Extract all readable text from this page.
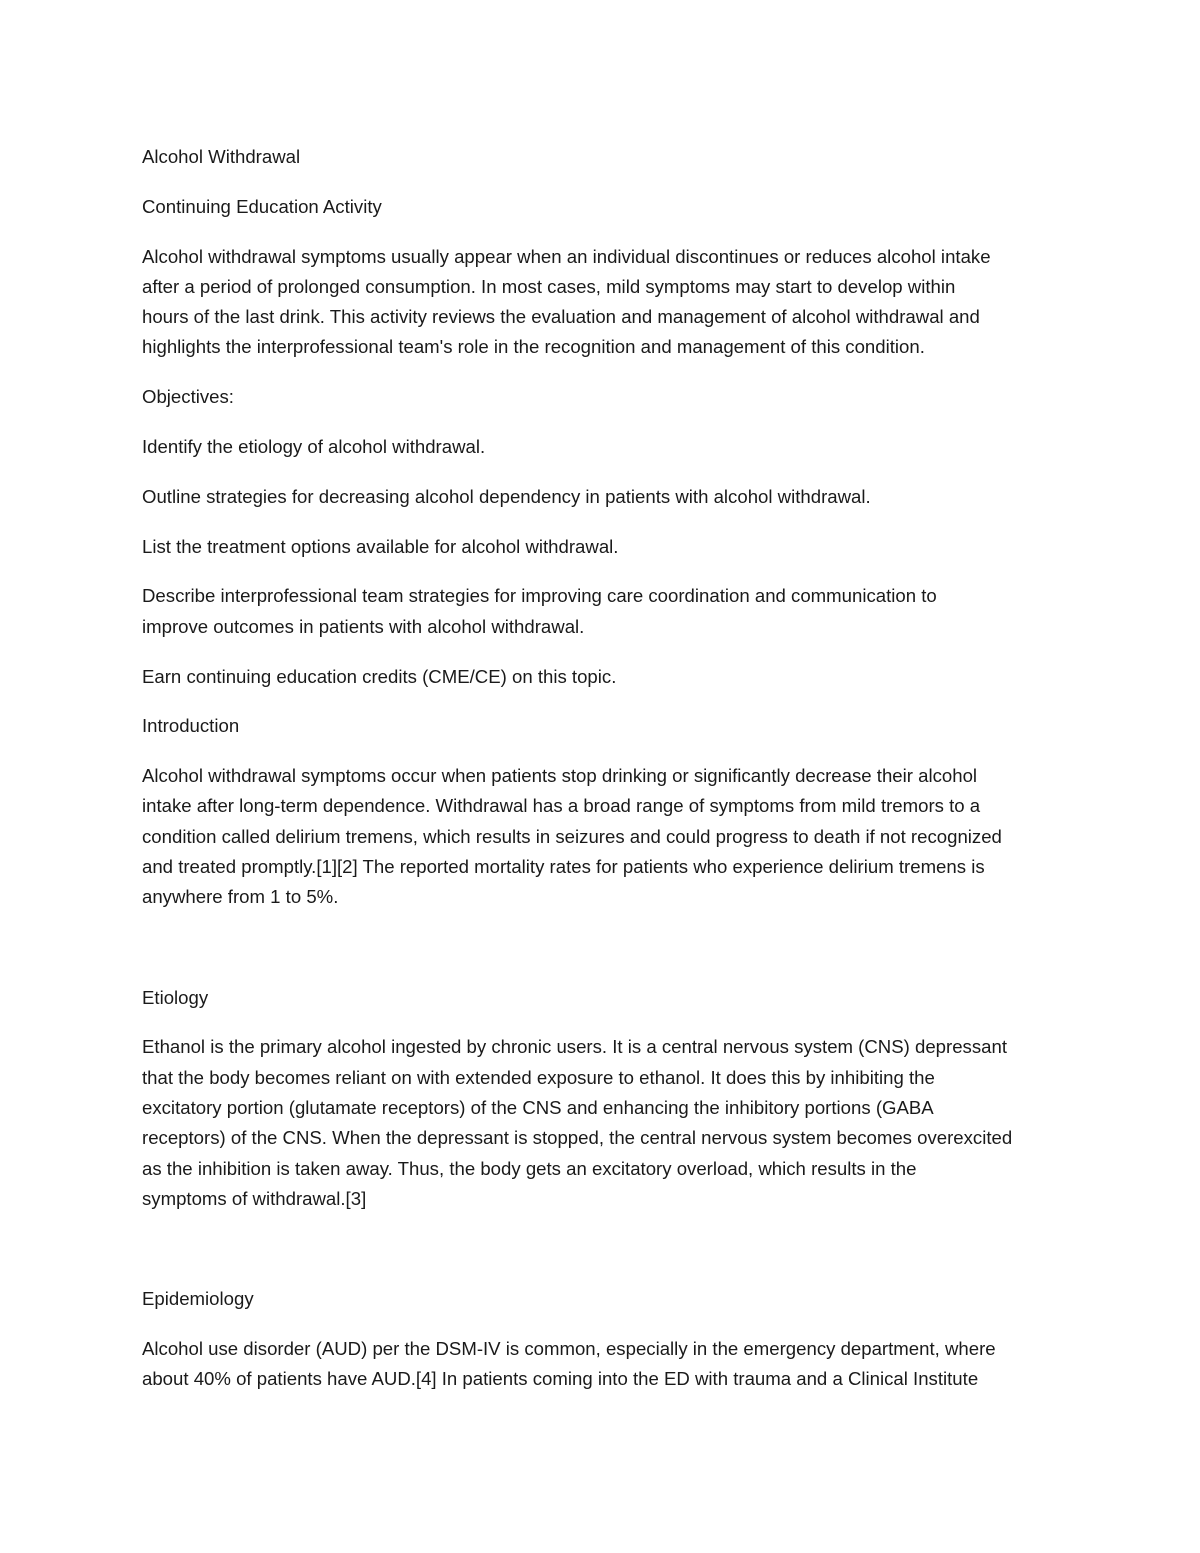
Alcohol Withdrawal

Continuing Education Activity

Alcohol withdrawal symptoms usually appear when an individual discontinues or reduces alcohol intake
after a period of prolonged consumption. In most cases, mild symptoms may start to develop within
hours of the last drink. This activity reviews the evaluation and management of alcohol withdrawal and
highlights the interprofessional team's role in the recognition and management of this condition.

Objectives:

Identify the etiology of alcohol withdrawal.

Outline strategies for decreasing alcohol dependency in patients with alcohol withdrawal.

List the treatment options available for alcohol withdrawal.

Describe interprofessional team strategies for improving care coordination and communication to
improve outcomes in patients with alcohol withdrawal.

Earn continuing education credits (CME/CE) on this topic.

Introduction

Alcohol withdrawal symptoms occur when patients stop drinking or significantly decrease their alcohol
intake after long-term dependence. Withdrawal has a broad range of symptoms from mild tremors to a
condition called delirium tremens, which results in seizures and could progress to death if not recognized
and treated promptly.[1][2] The reported mortality rates for patients who experience delirium tremens is
anywhere from 1 to 5%.

Etiology

Ethanol is the primary alcohol ingested by chronic users. It is a central nervous system (CNS) depressant
that the body becomes reliant on with extended exposure to ethanol. It does this by inhibiting the
excitatory portion (glutamate receptors) of the CNS and enhancing the inhibitory portions (GABA
receptors) of the CNS. When the depressant is stopped, the central nervous system becomes overexcited
as the inhibition is taken away. Thus, the body gets an excitatory overload, which results in the
symptoms of withdrawal.[3]

Epidemiology

Alcohol use disorder (AUD) per the DSM-IV is common, especially in the emergency department, where
about 40% of patients have AUD.[4] In patients coming into the ED with trauma and a Clinical Institute
